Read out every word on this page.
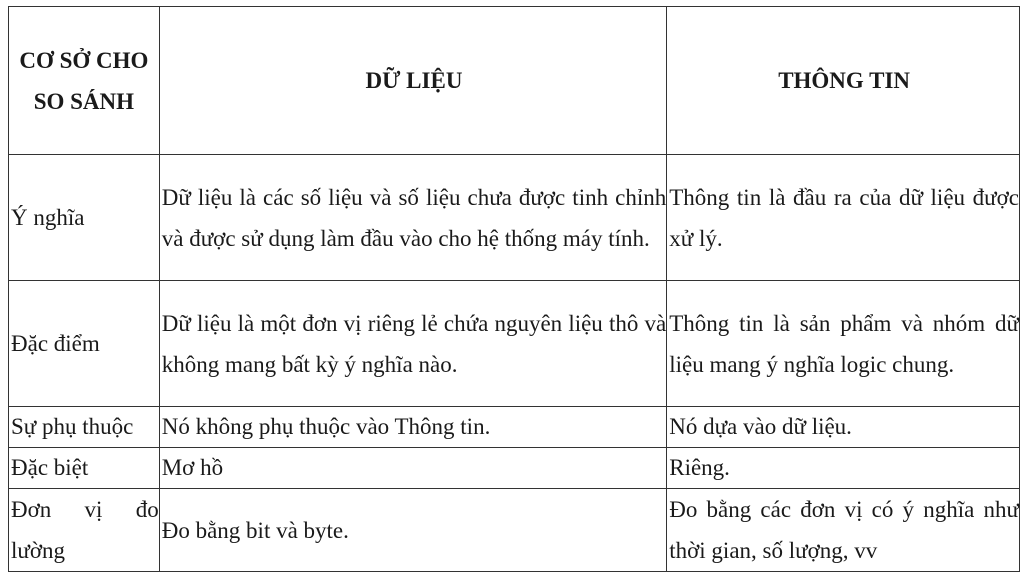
CƠ SỞ CHO SO SÁNH	DỮ LIỆU	THÔNG TIN
Ý nghĩa	Dữ liệu là các số liệu và số liệu chưa được tinh chỉnh và được sử dụng làm đầu vào cho hệ thống máy tính.	Thông tin là đầu ra của dữ liệu được xử lý.
Đặc điểm	Dữ liệu là một đơn vị riêng lẻ chứa nguyên liệu thô và không mang bất kỳ ý nghĩa nào.	Thông tin là sản phẩm và nhóm dữ liệu mang ý nghĩa logic chung.
Sự phụ thuộc	Nó không phụ thuộc vào Thông tin.	Nó dựa vào dữ liệu.
Đặc biệt	Mơ hồ	Riêng.
Đơn vị đo lường	Đo bằng bit và byte.	Đo bằng các đơn vị có ý nghĩa như thời gian, số lượng, vv
